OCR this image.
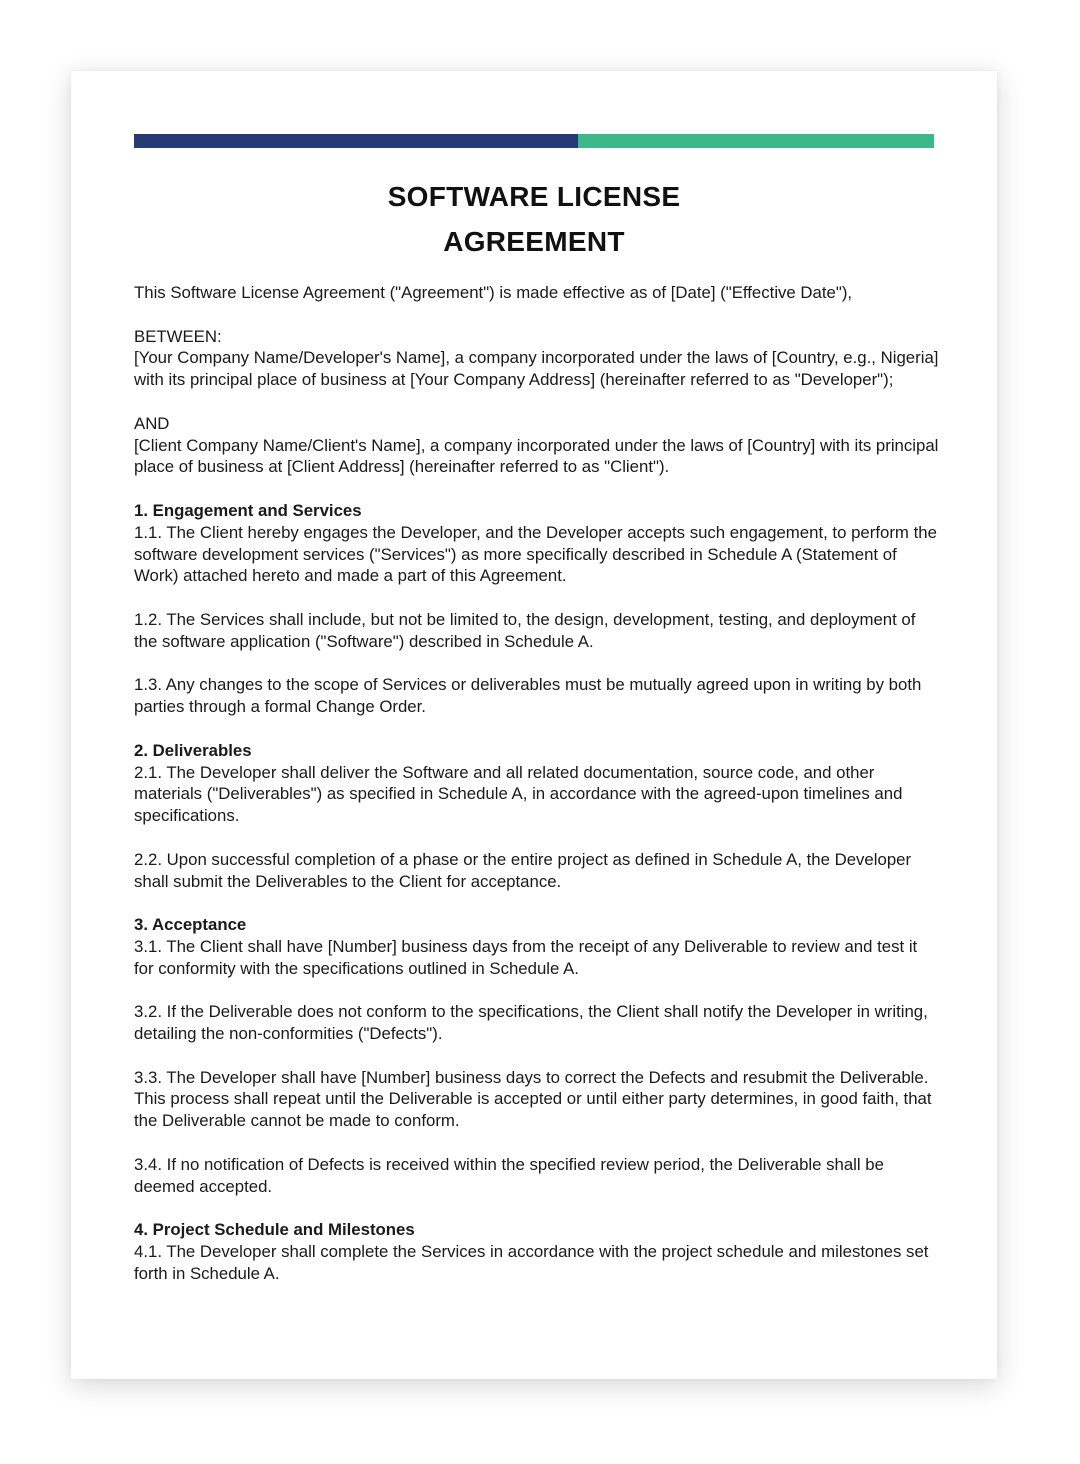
SOFTWARE LICENSE
AGREEMENT

This Software License Agreement ("Agreement") is made effective as of [Date] ("Effective Date"),

BETWEEN:

[Your Company Name/Developer's Name], a company incorporated under the laws of [Country, e.g., Nigeria] with its principal place of business at [Your Company Address] (hereinafter referred to as "Developer");

AND

[Client Company Name/Client's Name], a company incorporated under the laws of [Country] with its principal place of business at [Client Address] (hereinafter referred to as "Client").

1. Engagement and Services

1.1. The Client hereby engages the Developer, and the Developer accepts such engagement, to perform the software development services ("Services") as more specifically described in Schedule A (Statement of Work) attached hereto and made a part of this Agreement.

1.2. The Services shall include, but not be limited to, the design, development, testing, and deployment of the software application ("Software") described in Schedule A.

1.3. Any changes to the scope of Services or deliverables must be mutually agreed upon in writing by both parties through a formal Change Order.

2. Deliverables

2.1. The Developer shall deliver the Software and all related documentation, source code, and other materials ("Deliverables") as specified in Schedule A, in accordance with the agreed-upon timelines and specifications.

2.2. Upon successful completion of a phase or the entire project as defined in Schedule A, the Developer shall submit the Deliverables to the Client for acceptance.

3. Acceptance

3.1. The Client shall have [Number] business days from the receipt of any Deliverable to review and test it for conformity with the specifications outlined in Schedule A.

3.2. If the Deliverable does not conform to the specifications, the Client shall notify the Developer in writing, detailing the non-conformities ("Defects").

3.3. The Developer shall have [Number] business days to correct the Defects and resubmit the Deliverable. This process shall repeat until the Deliverable is accepted or until either party determines, in good faith, that the Deliverable cannot be made to conform.

3.4. If no notification of Defects is received within the specified review period, the Deliverable shall be deemed accepted.

4. Project Schedule and Milestones

4.1. The Developer shall complete the Services in accordance with the project schedule and milestones set forth in Schedule A.
